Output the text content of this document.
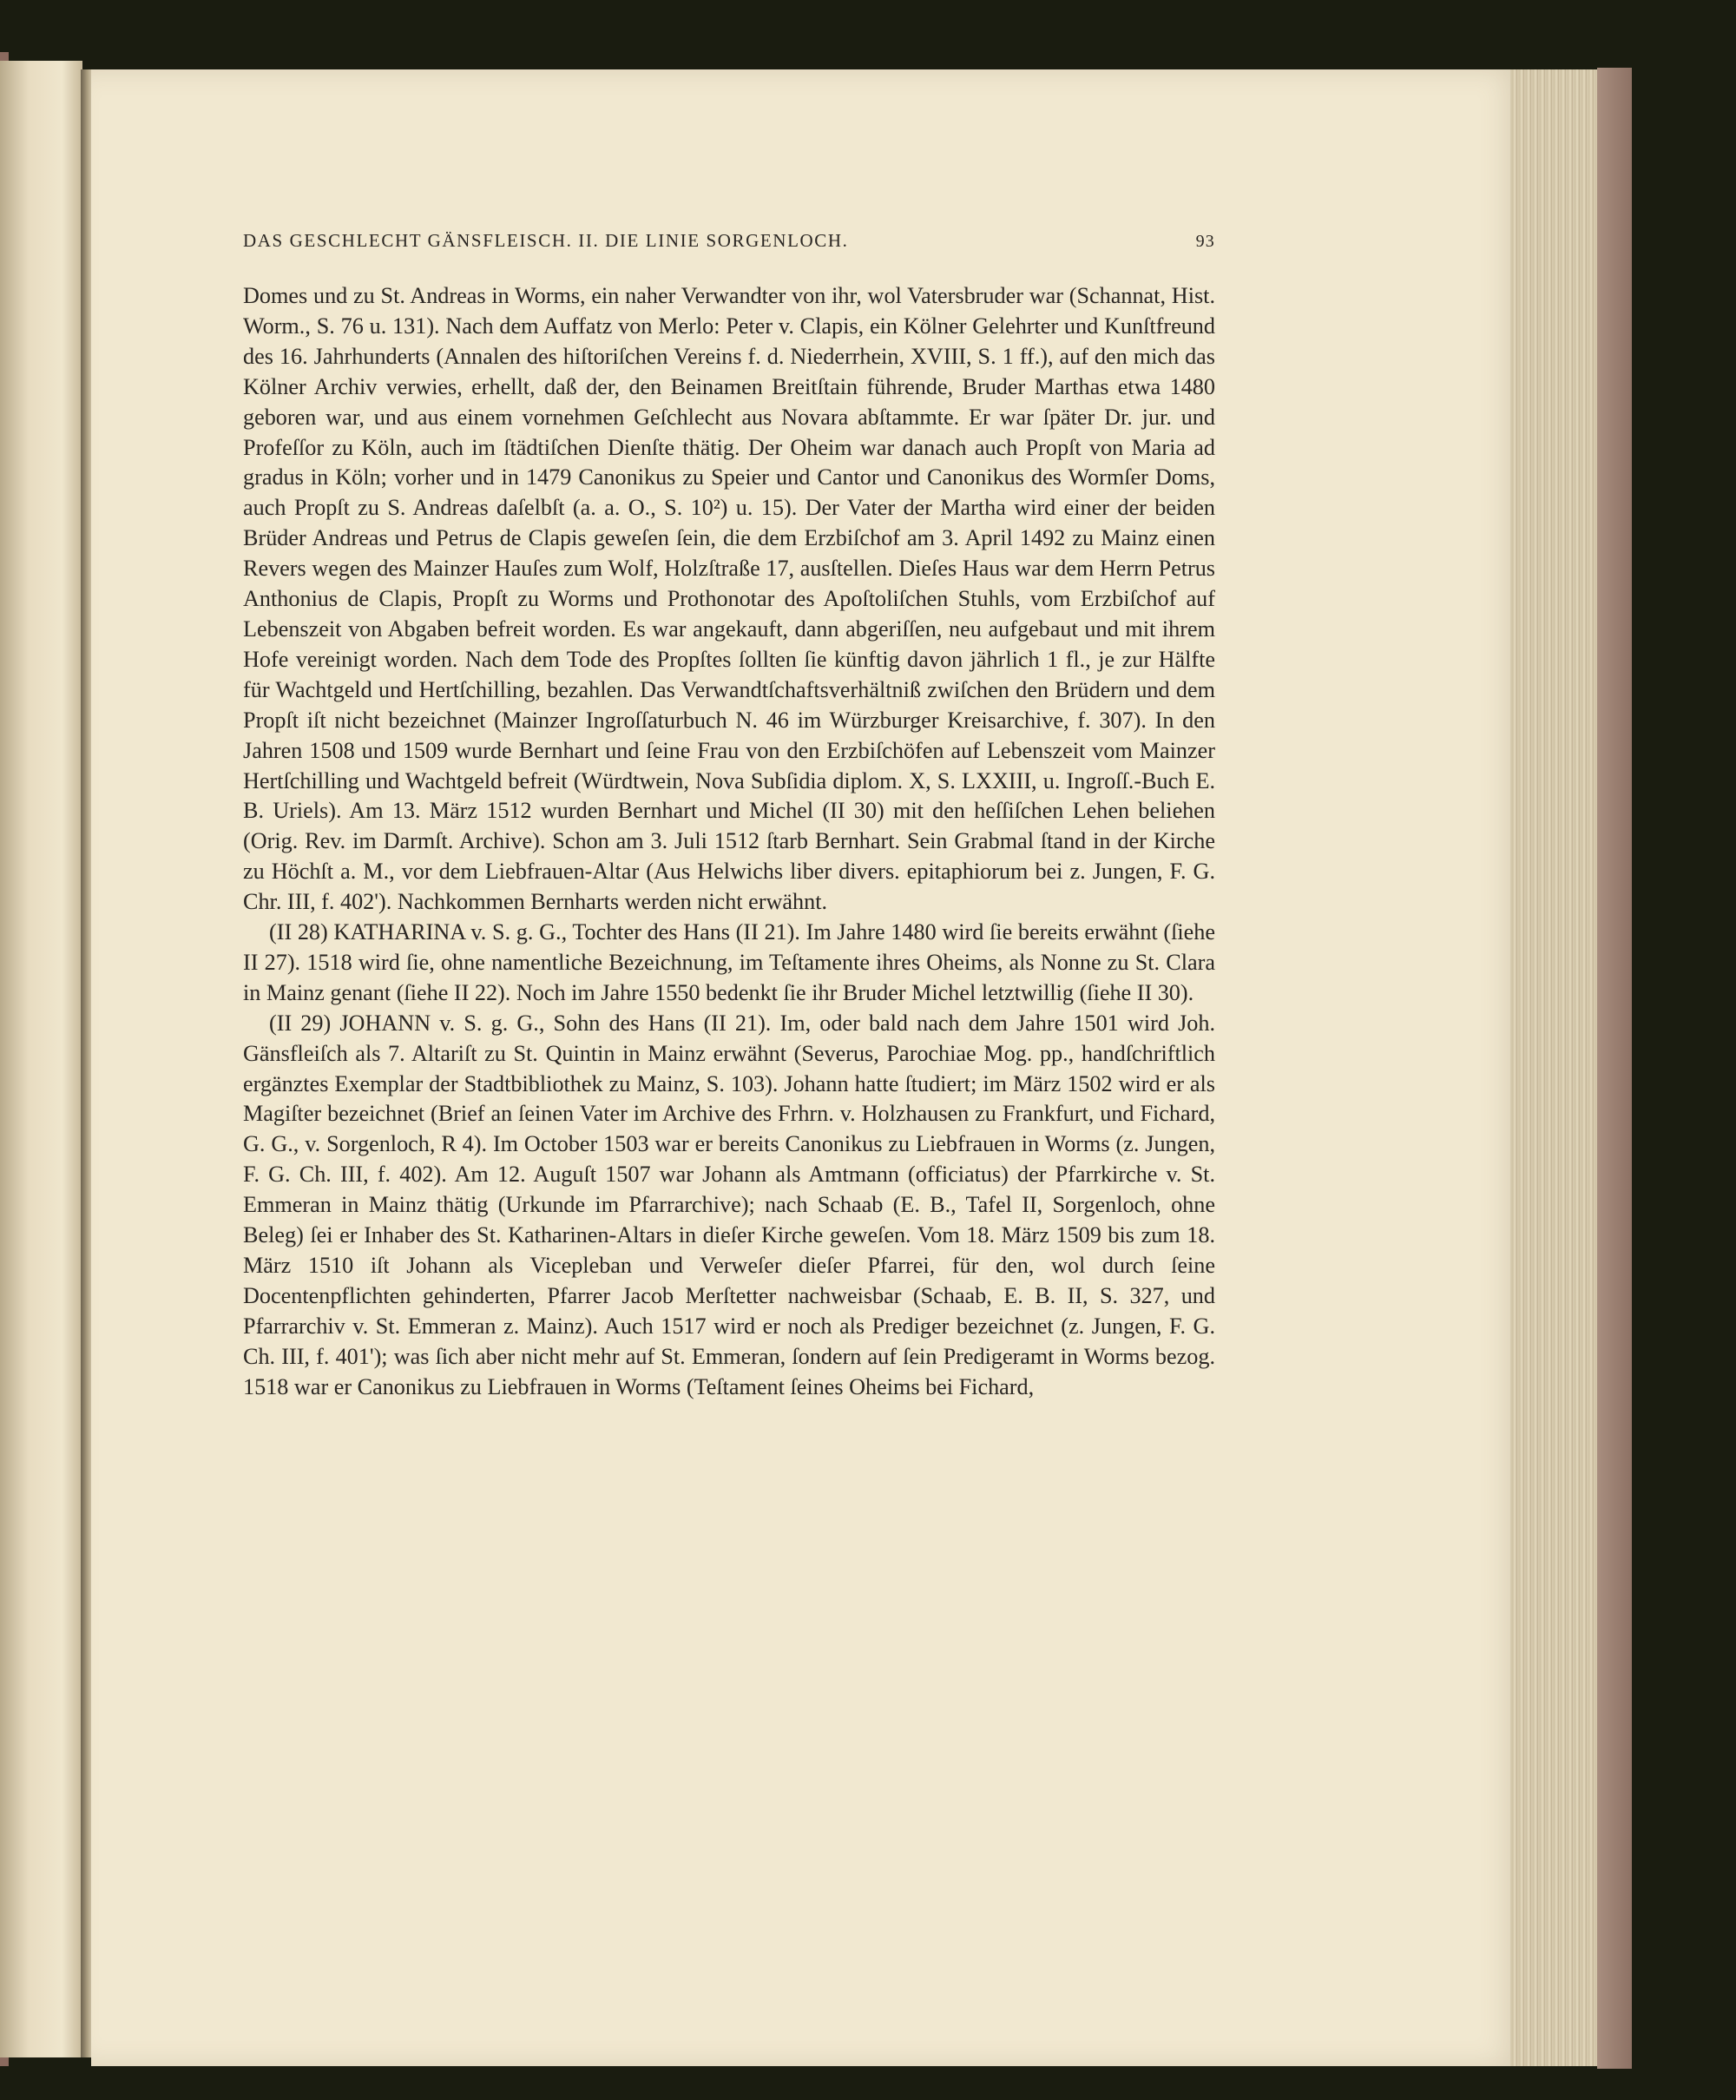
DAS GESCHLECHT GÄNSFLEISCH. II. DIE LINIE SORGENLOCH.	93

Domes und zu St. Andreas in Worms, ein naher Verwandter von ihr, wol Vatersbruder war (Schannat, Hist. Worm., S. 76 u. 131). Nach dem Auffatz von Merlo: Peter v. Clapis, ein Kölner Gelehrter und Kunſtfreund des 16. Jahrhunderts (Annalen des hiſtoriſchen Vereins f. d. Niederrhein, XVIII, S. 1 ff.), auf den mich das Kölner Archiv verwies, erhellt, daß der, den Beinamen Breitſtain führende, Bruder Marthas etwa 1480 geboren war, und aus einem vornehmen Geſchlecht aus Novara abſtammte. Er war ſpäter Dr. jur. und Profeſſor zu Köln, auch im ſtädtiſchen Dienſte thätig. Der Oheim war danach auch Propſt von Maria ad gradus in Köln; vorher und in 1479 Canonikus zu Speier und Cantor und Canonikus des Wormſer Doms, auch Propſt zu S. Andreas daſelbſt (a. a. O., S. 10²) u. 15). Der Vater der Martha wird einer der beiden Brüder Andreas und Petrus de Clapis geweſen ſein, die dem Erzbiſchof am 3. April 1492 zu Mainz einen Revers wegen des Mainzer Hauſes zum Wolf, Holzſtraße 17, ausſtellen. Dieſes Haus war dem Herrn Petrus Anthonius de Clapis, Propſt zu Worms und Prothonotar des Apoſtoliſchen Stuhls, vom Erzbiſchof auf Lebenszeit von Abgaben befreit worden. Es war angekauft, dann abgeriſſen, neu aufgebaut und mit ihrem Hofe vereinigt worden. Nach dem Tode des Propſtes ſollten ſie künftig davon jährlich 1 fl., je zur Hälfte für Wachtgeld und Hertſchilling, bezahlen. Das Verwandtſchaftsverhältniß zwiſchen den Brüdern und dem Propſt iſt nicht bezeichnet (Mainzer Ingroſſaturbuch N. 46 im Würzburger Kreisarchive, f. 307). In den Jahren 1508 und 1509 wurde Bernhart und ſeine Frau von den Erzbiſchöfen auf Lebenszeit vom Mainzer Hertſchilling und Wachtgeld befreit (Würdtwein, Nova Subſidia diplom. X, S. LXXIII, u. Ingroſſ.-Buch E. B. Uriels). Am 13. März 1512 wurden Bernhart und Michel (II 30) mit den heſſiſchen Lehen beliehen (Orig. Rev. im Darmſt. Archive). Schon am 3. Juli 1512 ſtarb Bernhart. Sein Grabmal ſtand in der Kirche zu Höchſt a. M., vor dem Liebfrauen-Altar (Aus Helwichs liber divers. epitaphiorum bei z. Jungen, F. G. Chr. III, f. 402'). Nachkommen Bernharts werden nicht erwähnt.

(II 28) KATHARINA v. S. g. G., Tochter des Hans (II 21). Im Jahre 1480 wird ſie bereits erwähnt (ſiehe II 27). 1518 wird ſie, ohne namentliche Bezeichnung, im Teſtamente ihres Oheims, als Nonne zu St. Clara in Mainz genant (ſiehe II 22). Noch im Jahre 1550 bedenkt ſie ihr Bruder Michel letztwillig (ſiehe II 30).

(II 29) JOHANN v. S. g. G., Sohn des Hans (II 21). Im, oder bald nach dem Jahre 1501 wird Joh. Gänsfleiſch als 7. Altariſt zu St. Quintin in Mainz erwähnt (Severus, Parochiae Mog. pp., handſchriftlich ergänztes Exemplar der Stadtbibliothek zu Mainz, S. 103). Johann hatte ſtudiert; im März 1502 wird er als Magiſter bezeichnet (Brief an ſeinen Vater im Archive des Frhrn. v. Holzhausen zu Frankfurt, und Fichard, G. G., v. Sorgenloch, R 4). Im October 1503 war er bereits Canonikus zu Liebfrauen in Worms (z. Jungen, F. G. Ch. III, f. 402). Am 12. Auguſt 1507 war Johann als Amtmann (officiatus) der Pfarrkirche v. St. Emmeran in Mainz thätig (Urkunde im Pfarrarchive); nach Schaab (E. B., Tafel II, Sorgenloch, ohne Beleg) ſei er Inhaber des St. Katharinen-Altars in dieſer Kirche geweſen. Vom 18. März 1509 bis zum 18. März 1510 iſt Johann als Vicepleban und Verweſer dieſer Pfarrei, für den, wol durch ſeine Docentenpflichten gehinderten, Pfarrer Jacob Merſtetter nachweisbar (Schaab, E. B. II, S. 327, und Pfarrarchiv v. St. Emmeran z. Mainz). Auch 1517 wird er noch als Prediger bezeichnet (z. Jungen, F. G. Ch. III, f. 401'); was ſich aber nicht mehr auf St. Emmeran, ſondern auf ſein Predigeramt in Worms bezog. 1518 war er Canonikus zu Liebfrauen in Worms (Teſtament ſeines Oheims bei Fichard,
